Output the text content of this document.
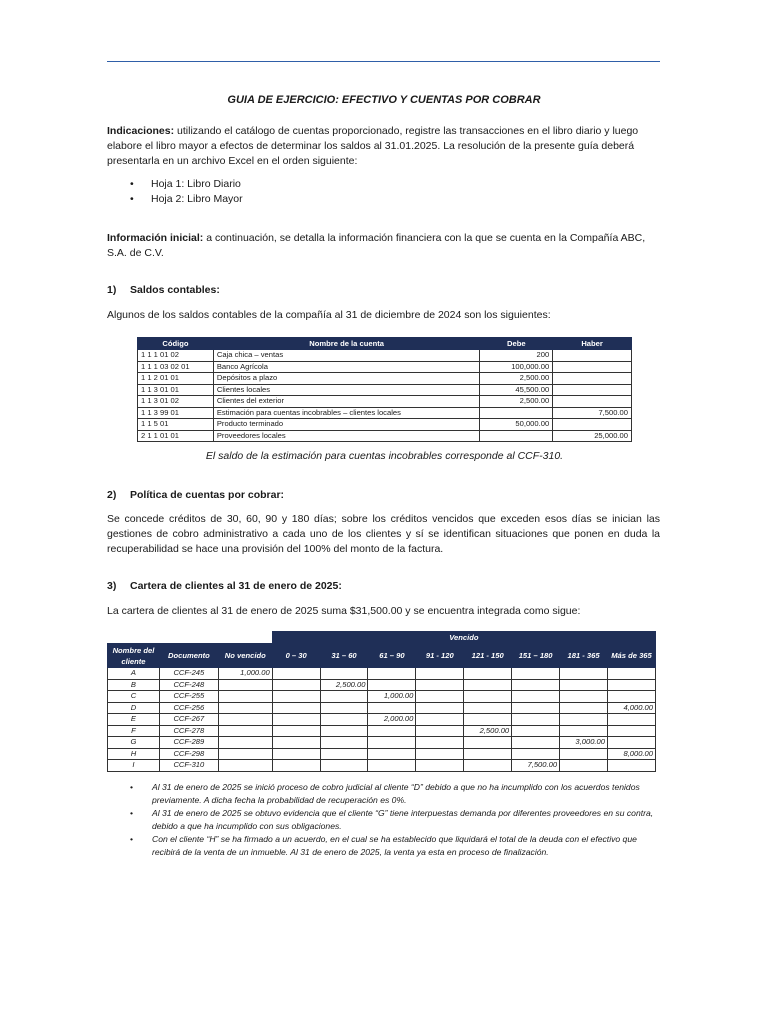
GUIA DE EJERCICIO: EFECTIVO Y CUENTAS POR COBRAR
Indicaciones: utilizando el catálogo de cuentas proporcionado, registre las transacciones en el libro diario y luego elabore el libro mayor a efectos de determinar los saldos al 31.01.2025. La resolución de la presente guía deberá presentarla en un archivo Excel en el orden siguiente:
• Hoja 1: Libro Diario
• Hoja 2: Libro Mayor
Información inicial: a continuación, se detalla la información financiera con la que se cuenta en la Compañía ABC, S.A. de C.V.
1) Saldos contables:
Algunos de los saldos contables de la compañía al 31 de diciembre de 2024 son los siguientes:
Código	Nombre de la cuenta	Debe	Haber
1 1 1 01 02	Caja chica – ventas	200	
1 1 1 03 02 01	Banco Agrícola	100,000.00	
1 1 2 01 01	Depósitos a plazo	2,500.00	
1 1 3 01 01	Clientes locales	45,500.00	
1 1 3 01 02	Clientes del exterior	2,500.00	
1 1 3 99 01	Estimación para cuentas incobrables – clientes locales		7,500.00
1 1 5 01	Producto terminado	50,000.00	
2 1 1 01 01	Proveedores locales		25,000.00
El saldo de la estimación para cuentas incobrables corresponde al CCF-310.
2) Política de cuentas por cobrar:
Se concede créditos de 30, 60, 90 y 180 días; sobre los créditos vencidos que exceden esos días se inician las gestiones de cobro administrativo a cada uno de los clientes y sí se identifican situaciones que ponen en duda la recuperabilidad se hace una provisión del 100% del monto de la factura.
3) Cartera de clientes al 31 de enero de 2025:
La cartera de clientes al 31 de enero de 2025 suma $31,500.00 y se encuentra integrada como sigue:
			Vencido							
Nombre del cliente	Documento	No vencido	0 – 30	31 – 60	61 – 90	91 - 120	121 - 150	151 – 180	181 - 365	Más de 365
A	CCF-245	1,000.00								
B	CCF-248			2,500.00						
C	CCF-255				1,000.00					
D	CCF-256									4,000.00
E	CCF-267				2,000.00					
F	CCF-278						2,500.00			
G	CCF-289								3,000.00	
H	CCF-298									8,000.00
I	CCF-310							7,500.00		
• Al 31 de enero de 2025 se inició proceso de cobro judicial al cliente “D” debido a que no ha incumplido con los acuerdos tenidos previamente. A dicha fecha la probabilidad de recuperación es 0%.
• Al 31 de enero de 2025 se obtuvo evidencia que el cliente “G” tiene interpuestas demanda por diferentes proveedores en su contra, debido a que ha incumplido con sus obligaciones.
• Con el cliente “H” se ha firmado a un acuerdo, en el cual se ha establecido que liquidará el total de la deuda con el efectivo que recibirá de la venta de un inmueble. Al 31 de enero de 2025, la venta ya esta en proceso de finalización.
